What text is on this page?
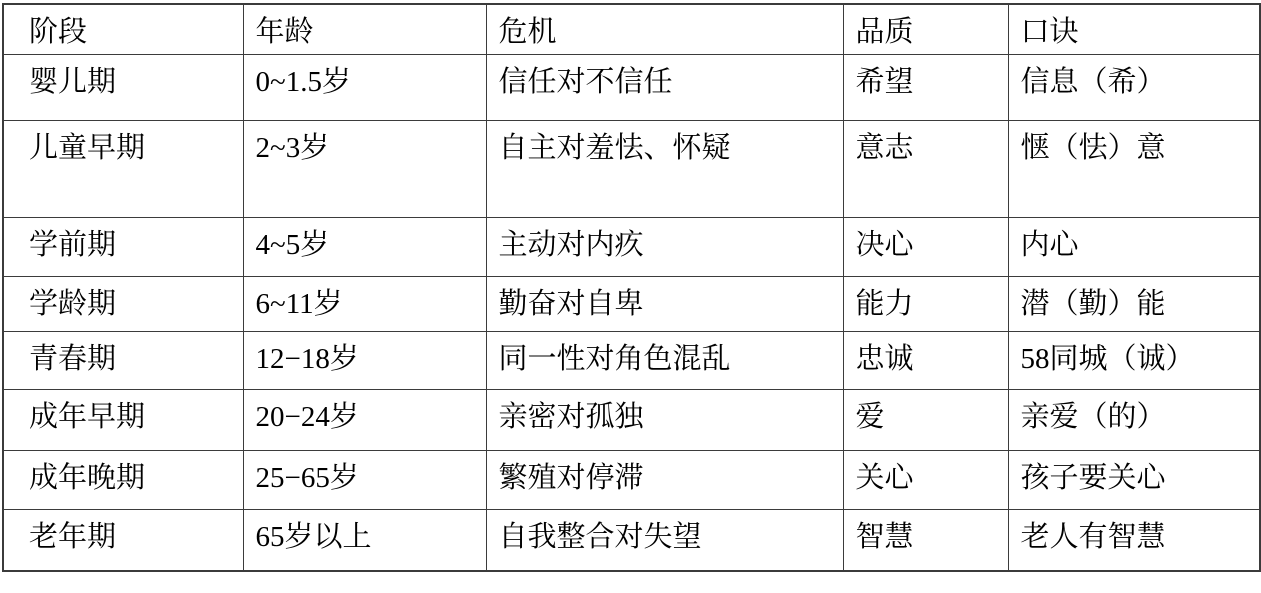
阶段	年龄	危机	品质	口诀
婴儿期	0~1.5岁	信任对不信任	希望	信息（希）
儿童早期	2~3岁	自主对羞怯、怀疑	意志	惬（怯）意
学前期	4~5岁	主动对内疚	决心	内心
学龄期	6~11岁	勤奋对自卑	能力	潜（勤）能
青春期	12−18岁	同一性对角色混乱	忠诚	58同城（诚）
成年早期	20−24岁	亲密对孤独	爱	亲爱（的）
成年晚期	25−65岁	繁殖对停滞	关心	孩子要关心
老年期	65岁以上	自我整合对失望	智慧	老人有智慧
